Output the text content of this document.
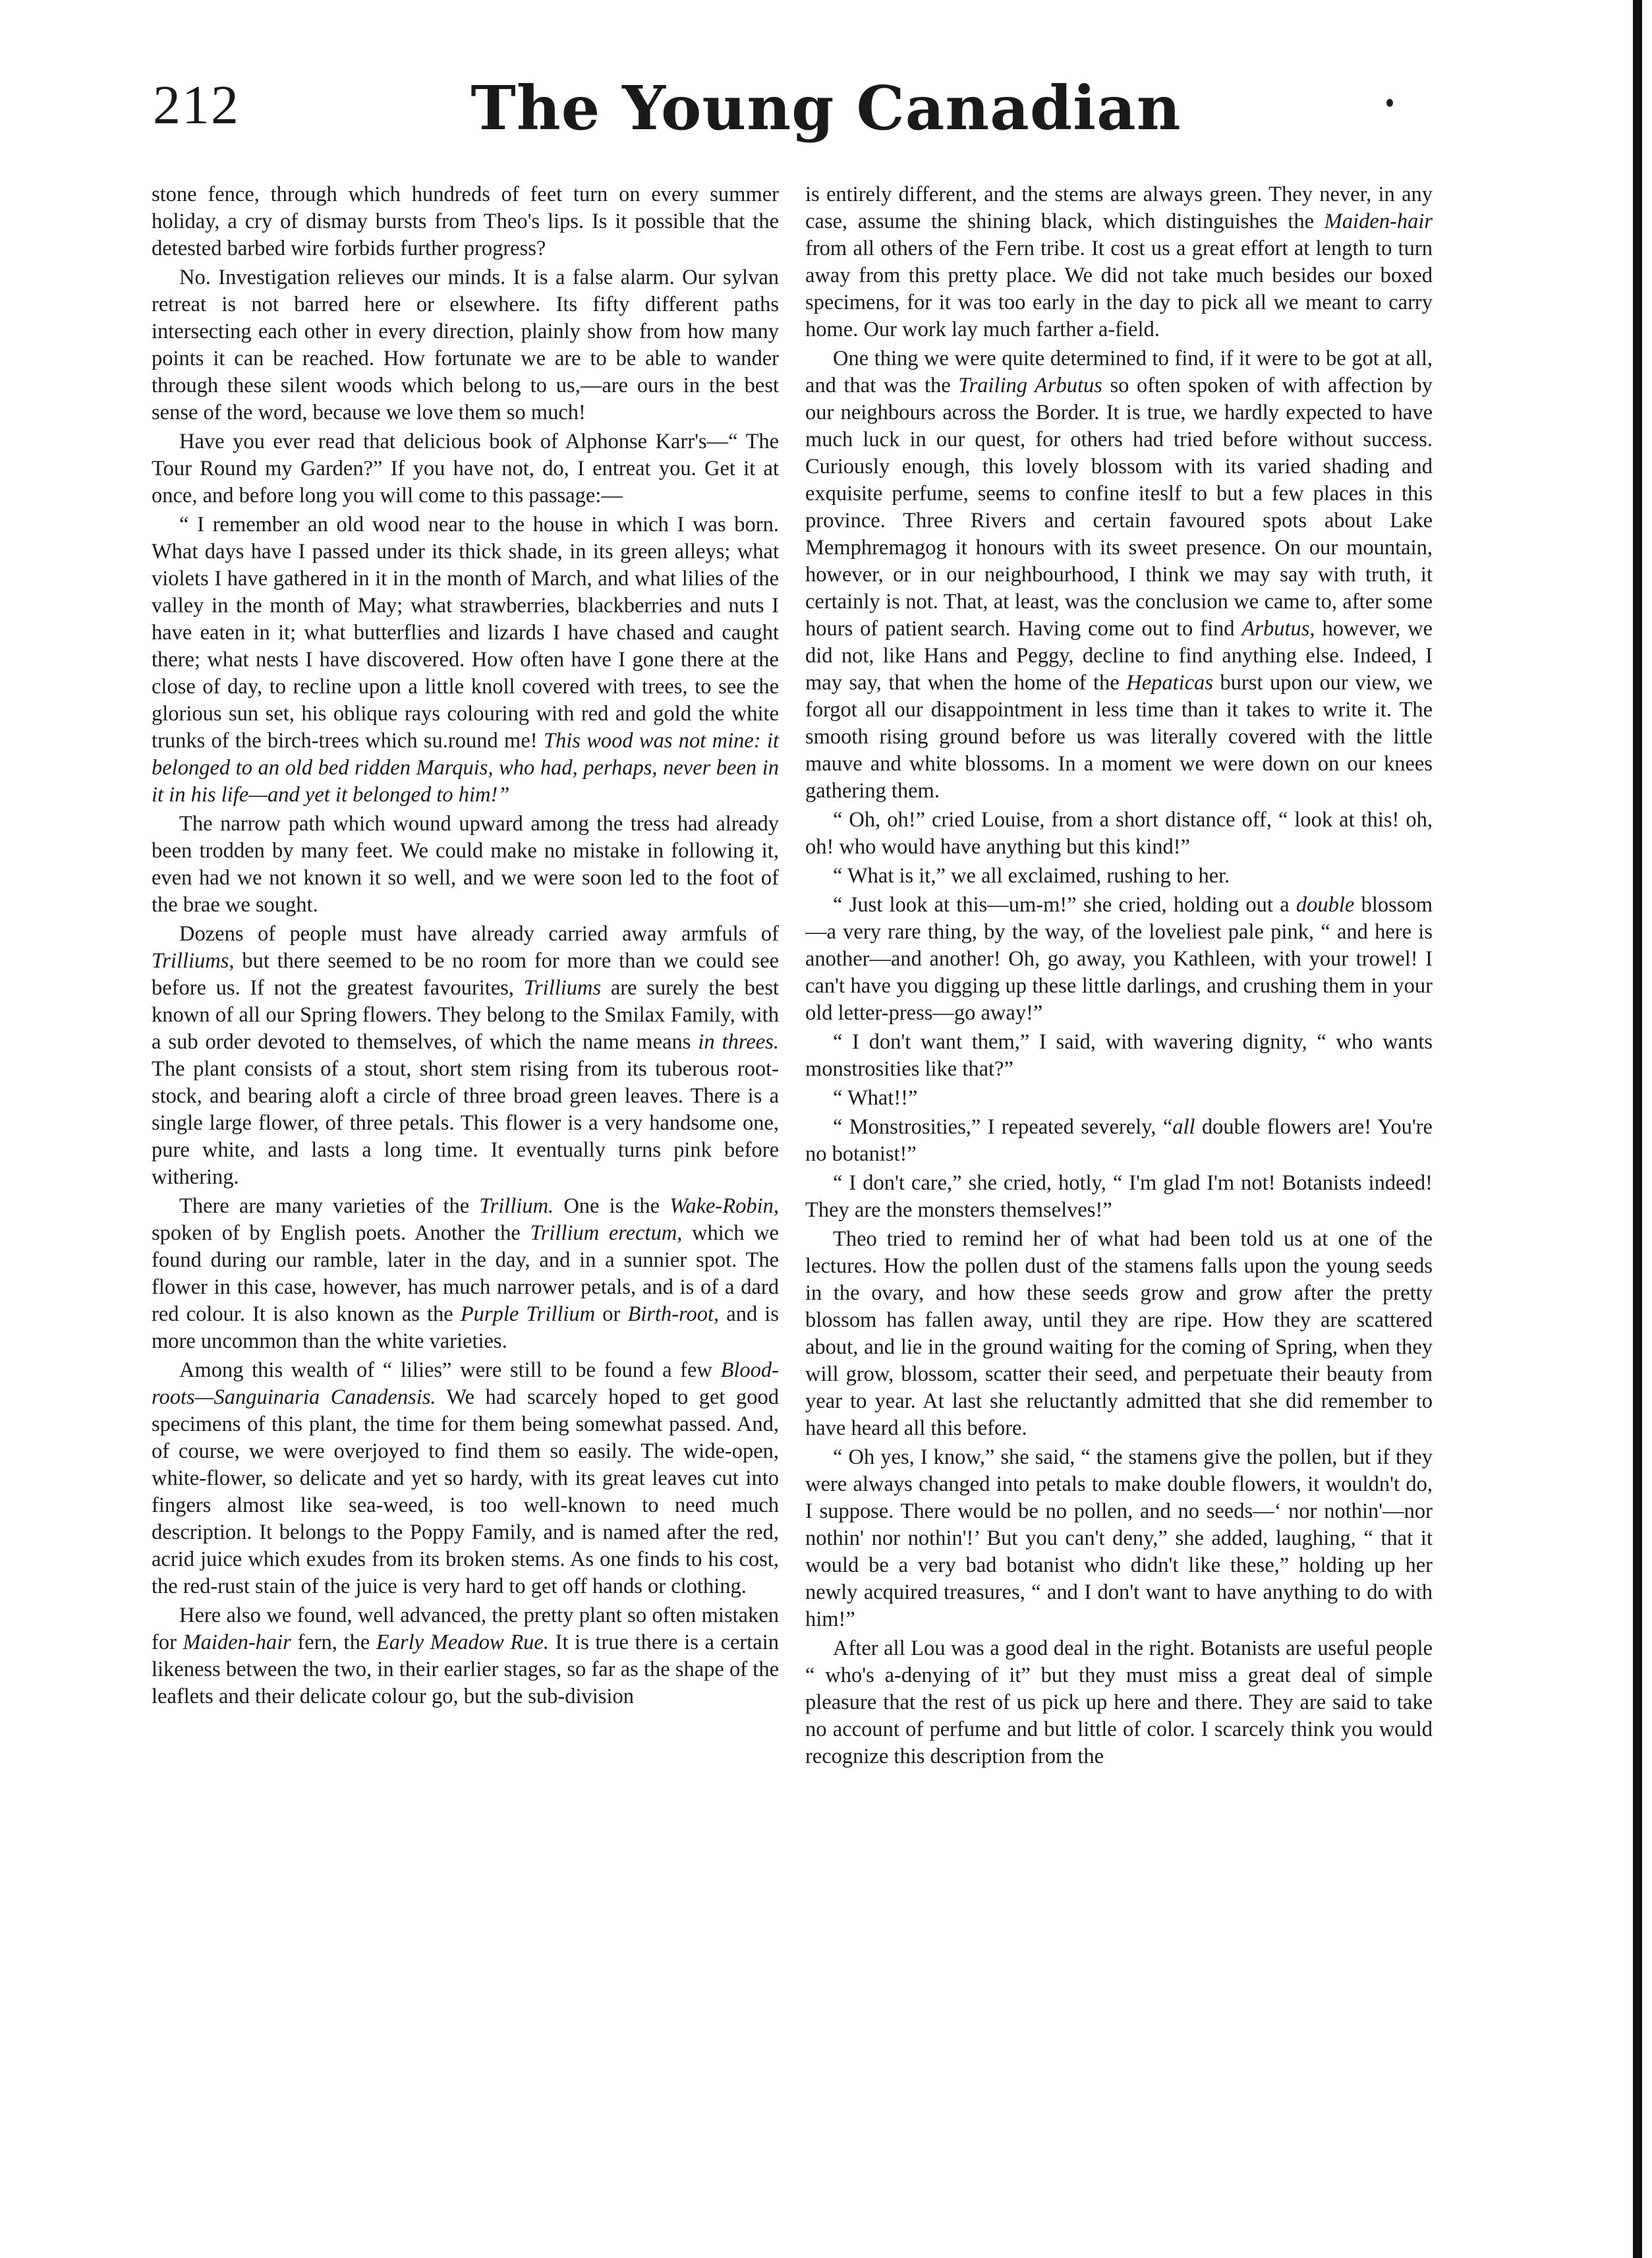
212	The Young Canadian

stone fence, through which hundreds of feet turn on every summer holiday, a cry of dismay bursts from Theo's lips. Is it possible that the detested barbed wire forbids further progress?

No. Investigation relieves our minds. It is a false alarm. Our sylvan retreat is not barred here or elsewhere. Its fifty different paths intersecting each other in every direction, plainly show from how many points it can be reached. How fortunate we are to be able to wander through these silent woods which belong to us,—are ours in the best sense of the word, because we love them so much!

Have you ever read that delicious book of Alphonse Karr's—“ The Tour Round my Garden?” If you have not, do, I entreat you. Get it at once, and before long you will come to this passage:—

“ I remember an old wood near to the house in which I was born. What days have I passed under its thick shade, in its green alleys; what violets I have gathered in it in the month of March, and what lilies of the valley in the month of May; what strawberries, blackberries and nuts I have eaten in it; what butterflies and lizards I have chased and caught there; what nests I have discovered. How often have I gone there at the close of day, to recline upon a little knoll covered with trees, to see the glorious sun set, his oblique rays colouring with red and gold the white trunks of the birch-trees which su.round me! This wood was not mine: it belonged to an old bed ridden Marquis, who had, perhaps, never been in it in his life—and yet it belonged to him!”

The narrow path which wound upward among the tress had already been trodden by many feet. We could make no mistake in following it, even had we not known it so well, and we were soon led to the foot of the brae we sought.

Dozens of people must have already carried away armfuls of Trilliums, but there seemed to be no room for more than we could see before us. If not the greatest favourites, Trilliums are surely the best known of all our Spring flowers. They belong to the Smilax Family, with a sub order devoted to themselves, of which the name means in threes. The plant consists of a stout, short stem rising from its tuberous root-stock, and bearing aloft a circle of three broad green leaves. There is a single large flower, of three petals. This flower is a very handsome one, pure white, and lasts a long time. It eventually turns pink before withering.

There are many varieties of the Trillium. One is the Wake-Robin, spoken of by English poets. Another the Trillium erectum, which we found during our ramble, later in the day, and in a sunnier spot. The flower in this case, however, has much narrower petals, and is of a dard red colour. It is also known as the Purple Trillium or Birth-root, and is more uncommon than the white varieties.

Among this wealth of “ lilies” were still to be found a few Blood-roots—Sanguinaria Canadensis. We had scarcely hoped to get good specimens of this plant, the time for them being somewhat passed. And, of course, we were overjoyed to find them so easily. The wide-open, white-flower, so delicate and yet so hardy, with its great leaves cut into fingers almost like sea-weed, is too well-known to need much description. It belongs to the Poppy Family, and is named after the red, acrid juice which exudes from its broken stems. As one finds to his cost, the red-rust stain of the juice is very hard to get off hands or clothing.

Here also we found, well advanced, the pretty plant so often mistaken for Maiden-hair fern, the Early Meadow Rue. It is true there is a certain likeness between the two, in their earlier stages, so far as the shape of the leaflets and their delicate colour go, but the sub-division

is entirely different, and the stems are always green. They never, in any case, assume the shining black, which distinguishes the Maiden-hair from all others of the Fern tribe. It cost us a great effort at length to turn away from this pretty place. We did not take much besides our boxed specimens, for it was too early in the day to pick all we meant to carry home. Our work lay much farther a-field.

One thing we were quite determined to find, if it were to be got at all, and that was the Trailing Arbutus so often spoken of with affection by our neighbours across the Border. It is true, we hardly expected to have much luck in our quest, for others had tried before without success. Curiously enough, this lovely blossom with its varied shading and exquisite perfume, seems to confine iteslf to but a few places in this province. Three Rivers and certain favoured spots about Lake Memphremagog it honours with its sweet presence. On our mountain, however, or in our neighbourhood, I think we may say with truth, it certainly is not. That, at least, was the conclusion we came to, after some hours of patient search. Having come out to find Arbutus, however, we did not, like Hans and Peggy, decline to find anything else. Indeed, I may say, that when the home of the Hepaticas burst upon our view, we forgot all our disappointment in less time than it takes to write it. The smooth rising ground before us was literally covered with the little mauve and white blossoms. In a moment we were down on our knees gathering them.

“ Oh, oh!” cried Louise, from a short distance off, “ look at this! oh, oh! who would have anything but this kind!”

“ What is it,” we all exclaimed, rushing to her.

“ Just look at this—um-m!” she cried, holding out a double blossom —a very rare thing, by the way, of the loveliest pale pink, “ and here is another—and another! Oh, go away, you Kathleen, with your trowel! I can't have you digging up these little darlings, and crushing them in your old letter-press—go away!”

“ I don't want them,” I said, with wavering dignity, “ who wants monstrosities like that?”

“ What!!”

“ Monstrosities,” I repeated severely, “all double flowers are! You're no botanist!”

“ I don't care,” she cried, hotly, “ I'm glad I'm not! Botanists indeed! They are the monsters themselves!”

Theo tried to remind her of what had been told us at one of the lectures. How the pollen dust of the stamens falls upon the young seeds in the ovary, and how these seeds grow and grow after the pretty blossom has fallen away, until they are ripe. How they are scattered about, and lie in the ground waiting for the coming of Spring, when they will grow, blossom, scatter their seed, and perpetuate their beauty from year to year. At last she reluctantly admitted that she did remember to have heard all this before.

“ Oh yes, I know,” she said, “ the stamens give the pollen, but if they were always changed into petals to make double flowers, it wouldn't do, I suppose. There would be no pollen, and no seeds—‘ nor nothin'—nor nothin' nor nothin'!’ But you can't deny,” she added, laughing, “ that it would be a very bad botanist who didn't like these,” holding up her newly acquired treasures, “ and I don't want to have anything to do with him!”

After all Lou was a good deal in the right. Botanists are useful people “ who's a-denying of it” but they must miss a great deal of simple pleasure that the rest of us pick up here and there. They are said to take no account of perfume and but little of color. I scarcely think you would recognize this description from the
